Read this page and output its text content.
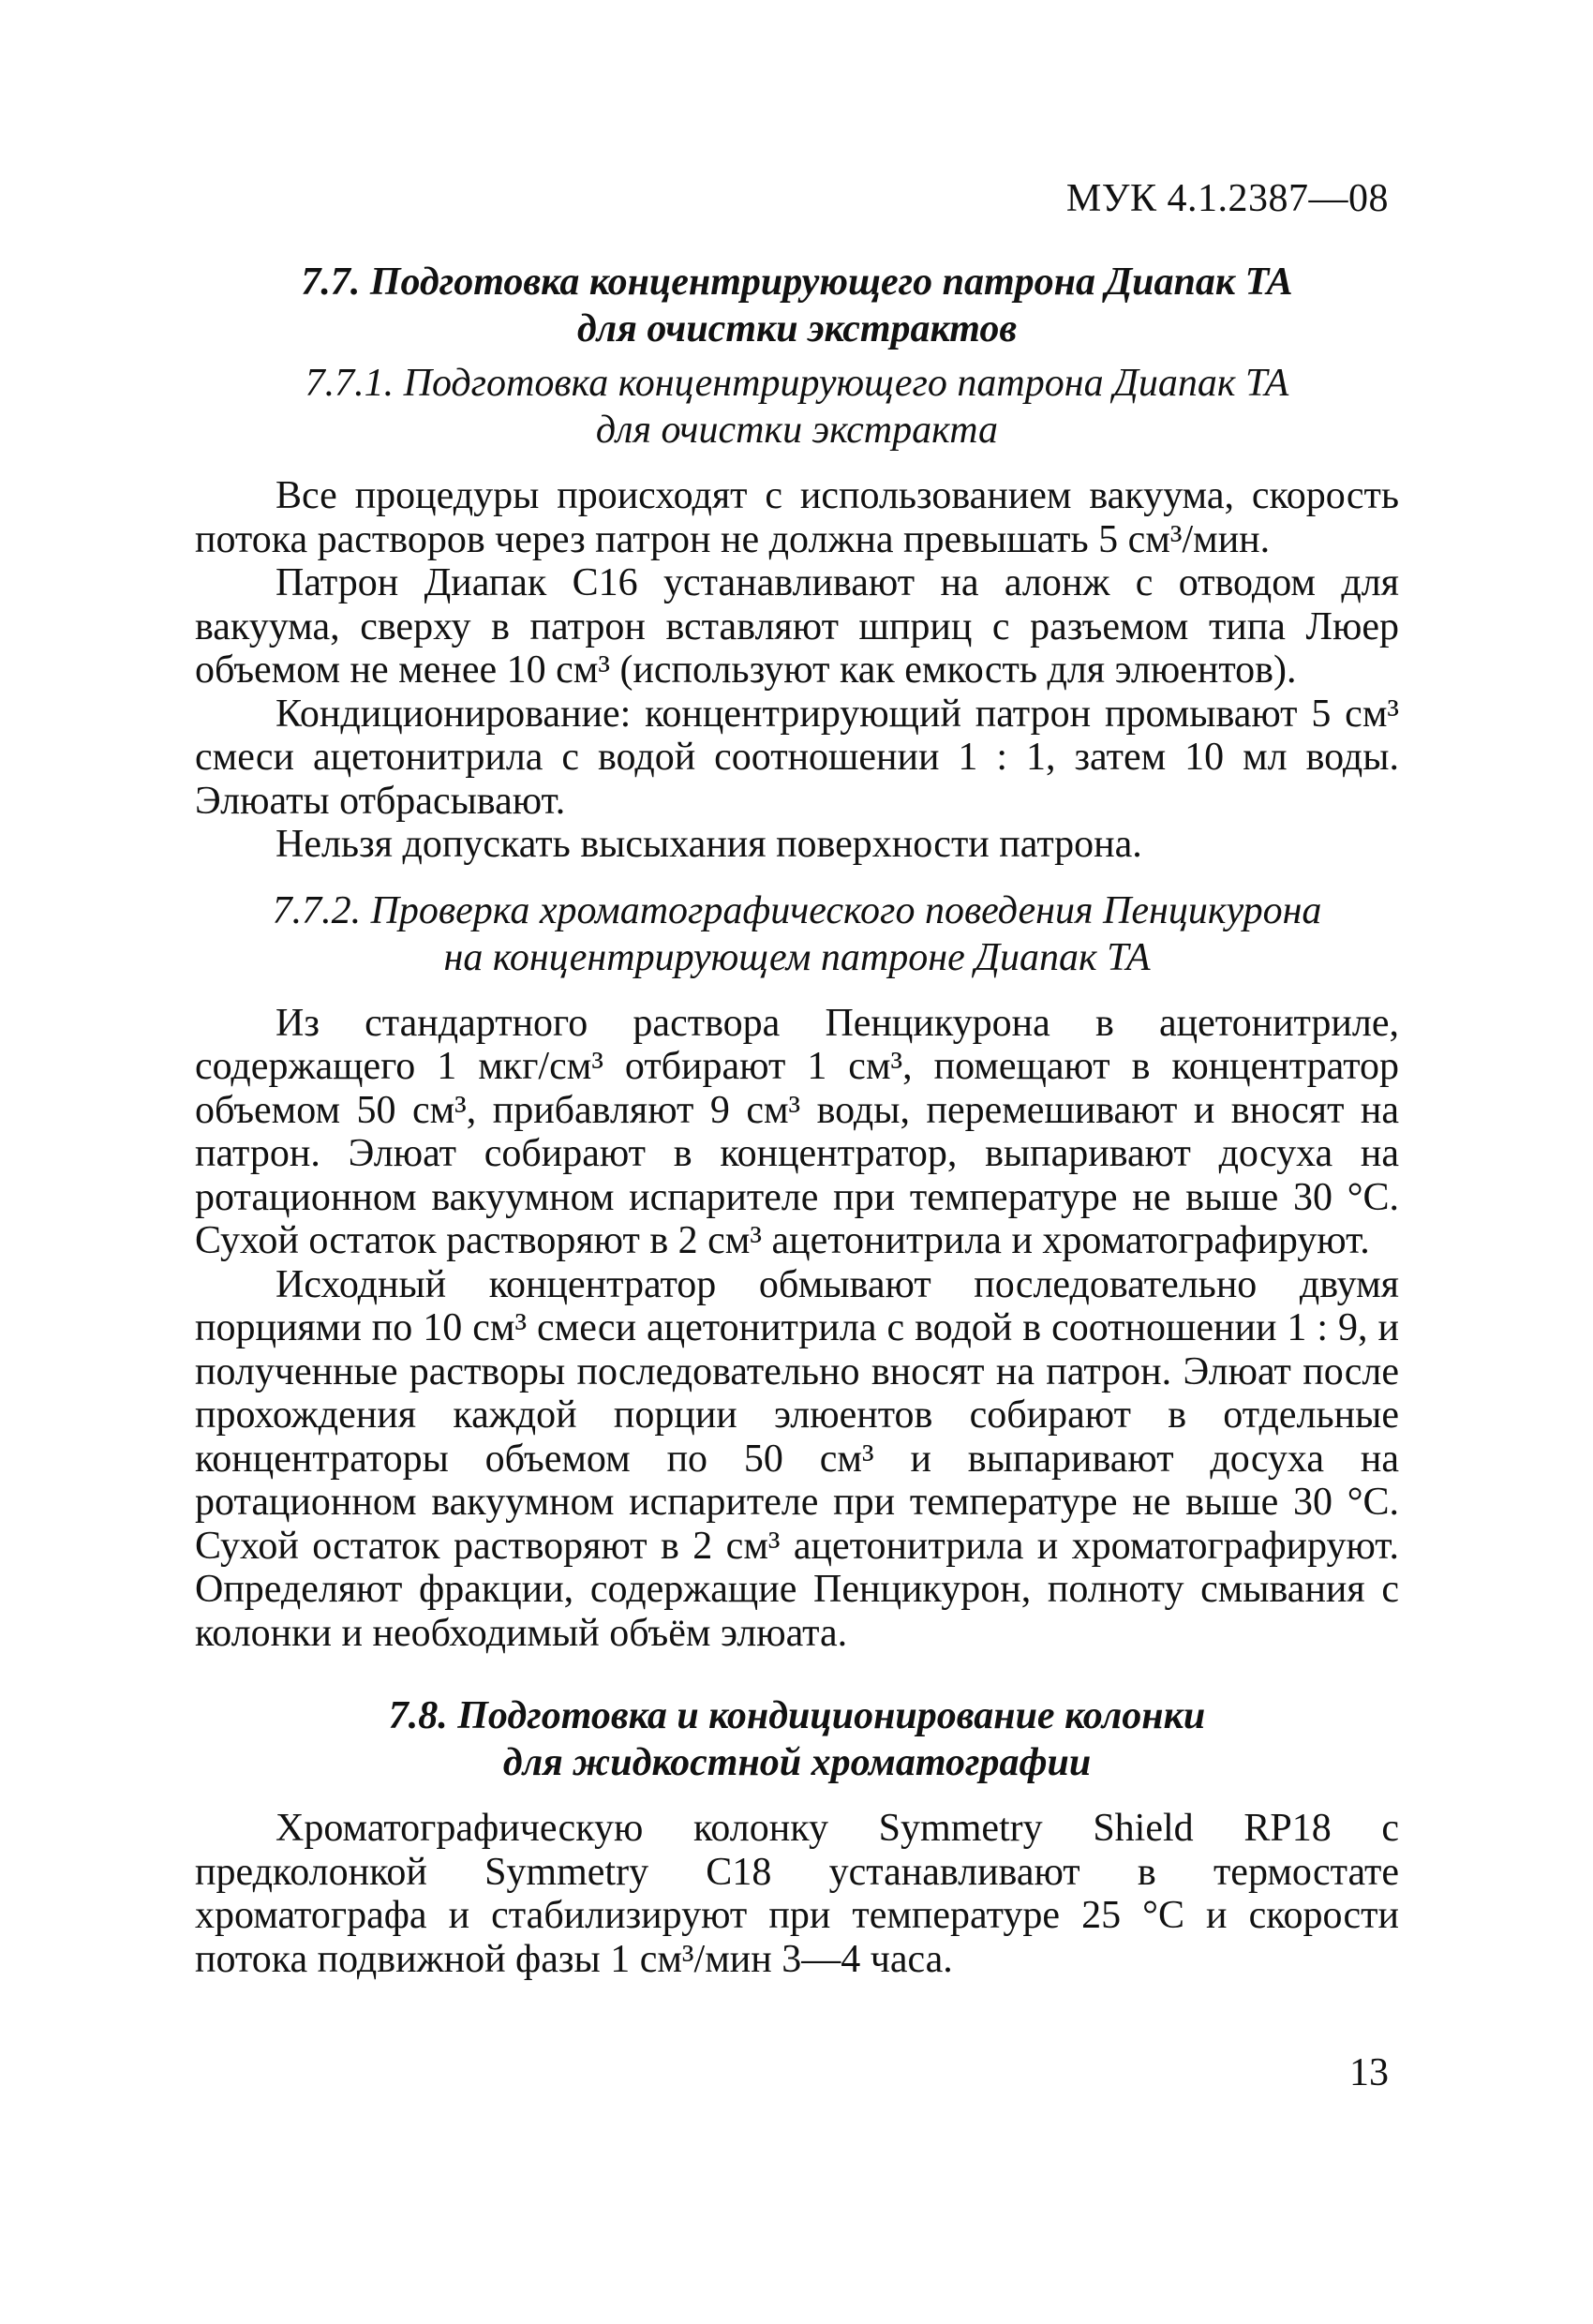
МУК 4.1.2387—08
7.7. Подготовка концентрирующего патрона Диапак ТА
для очистки экстрактов
7.7.1. Подготовка концентрирующего патрона Диапак ТА
для очистки экстракта

Все процедуры происходят с использованием вакуума, скорость потока растворов через патрон не должна превышать 5 см³/мин.

Патрон Диапак С16 устанавливают на алонж с отводом для вакуума, сверху в патрон вставляют шприц с разъемом типа Люер объемом не менее 10 см³ (используют как емкость для элюентов).

Кондиционирование: концентрирующий патрон промывают 5 см³ смеси ацетонитрила с водой соотношении 1 : 1, затем 10 мл воды. Элюаты отбрасывают.

Нельзя допускать высыхания поверхности патрона.

7.7.2. Проверка хроматографического поведения Пенцикурона
на концентрирующем патроне Диапак ТА

Из стандартного раствора Пенцикурона в ацетонитриле, содержащего 1 мкг/см³ отбирают 1 см³, помещают в концентратор объемом 50 см³, прибавляют 9 см³ воды, перемешивают и вносят на патрон. Элюат собирают в концентратор, выпаривают досуха на ротационном вакуумном испарителе при температуре не выше 30 °С. Сухой остаток растворяют в 2 см³ ацетонитрила и хроматографируют.

Исходный концентратор обмывают последовательно двумя порциями по 10 см³ смеси ацетонитрила с водой в соотношении 1 : 9, и полученные растворы последовательно вносят на патрон. Элюат после прохождения каждой порции элюентов собирают в отдельные концентраторы объемом по 50 см³ и выпаривают досуха на ротационном вакуумном испарителе при температуре не выше 30 °С. Сухой остаток растворяют в 2 см³ ацетонитрила и хроматографируют. Определяют фракции, содержащие Пенцикурон, полноту смывания с колонки и необходимый объём элюата.

7.8. Подготовка и кондиционирование колонки
для жидкостной хроматографии

Хроматографическую колонку Symmetry Shield RP18 с предколонкой Symmetry C18 устанавливают в термостате хроматографа и стабилизируют при температуре 25 °С и скорости потока подвижной фазы 1 см³/мин 3—4 часа.

13
